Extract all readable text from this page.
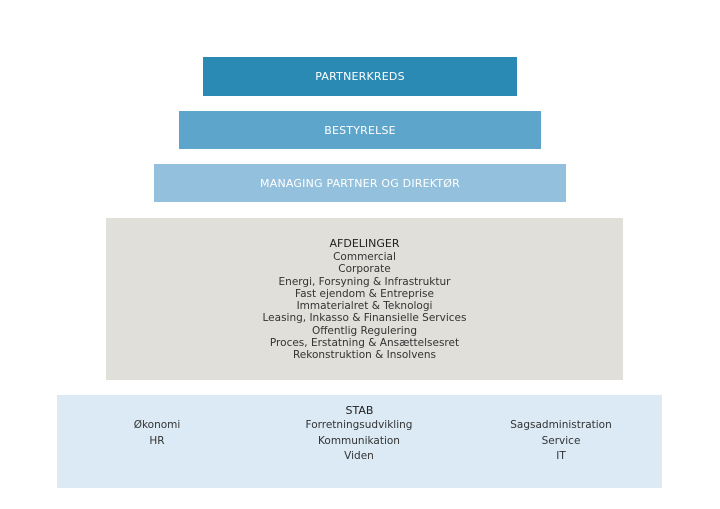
PARTNERKREDS
BESTYRELSE
MANAGING PARTNER OG DIREKTØR
AFDELINGER
Commercial
Corporate
Energi, Forsyning & Infrastruktur
Fast ejendom & Entreprise
Immaterialret & Teknologi
Leasing, Inkasso & Finansielle Services
Offentlig Regulering
Proces, Erstatning & Ansættelsesret
Rekonstruktion & Insolvens
STAB
Økonomi
HR
Forretningsudvikling
Kommunikation
Viden
Sagsadministration
Service
IT
